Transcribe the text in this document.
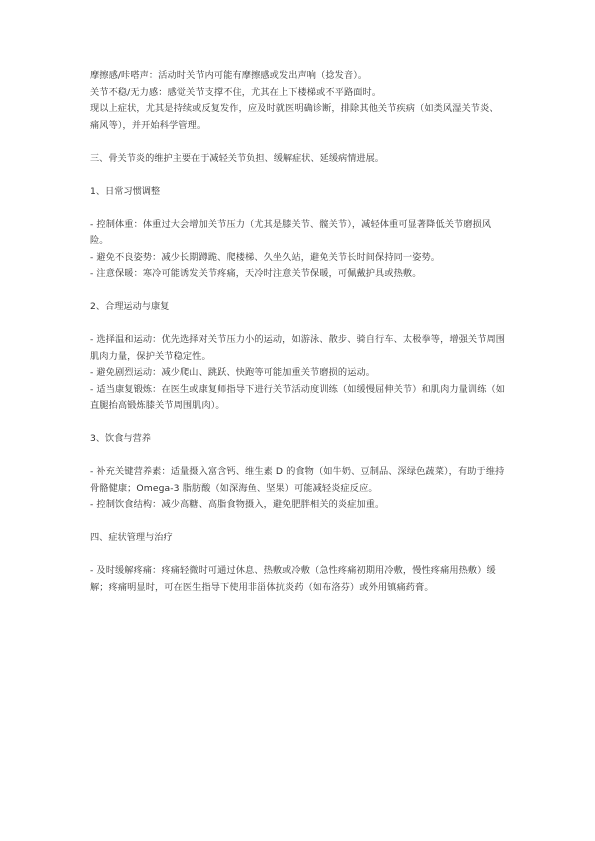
摩擦感/咔嗒声：活动时关节内可能有摩擦感或发出声响（捻发音）。

关节不稳/无力感：感觉关节支撑不住，尤其在上下楼梯或不平路面时。

现以上症状，尤其是持续或反复发作，应及时就医明确诊断，排除其他关节疾病（如类风湿关节炎、痛风等），并开始科学管理。

三、骨关节炎的维护主要在于减轻关节负担、缓解症状、延缓病情进展。

1、日常习惯调整

- 控制体重：体重过大会增加关节压力（尤其是膝关节、髋关节），减轻体重可显著降低关节磨损风险。

- 避免不良姿势：减少长期蹲跪、爬楼梯、久坐久站，避免关节长时间保持同一姿势。

- 注意保暖：寒冷可能诱发关节疼痛，天冷时注意关节保暖，可佩戴护具或热敷。

2、合理运动与康复

- 选择温和运动：优先选择对关节压力小的运动，如游泳、散步、骑自行车、太极拳等，增强关节周围肌肉力量，保护关节稳定性。

- 避免剧烈运动：减少爬山、跳跃、快跑等可能加重关节磨损的运动。

- 适当康复锻炼：在医生或康复师指导下进行关节活动度训练（如缓慢屈伸关节）和肌肉力量训练（如直腿抬高锻炼膝关节周围肌肉）。

3、饮食与营养

- 补充关键营养素：适量摄入富含钙、维生素 D 的食物（如牛奶、豆制品、深绿色蔬菜），有助于维持骨骼健康；Omega-3 脂肪酸（如深海鱼、坚果）可能减轻炎症反应。

- 控制饮食结构：减少高糖、高脂食物摄入，避免肥胖相关的炎症加重。

四、症状管理与治疗

- 及时缓解疼痛：疼痛轻微时可通过休息、热敷或冷敷（急性疼痛初期用冷敷，慢性疼痛用热敷）缓解；疼痛明显时，可在医生指导下使用非甾体抗炎药（如布洛芬）或外用镇痛药膏。
